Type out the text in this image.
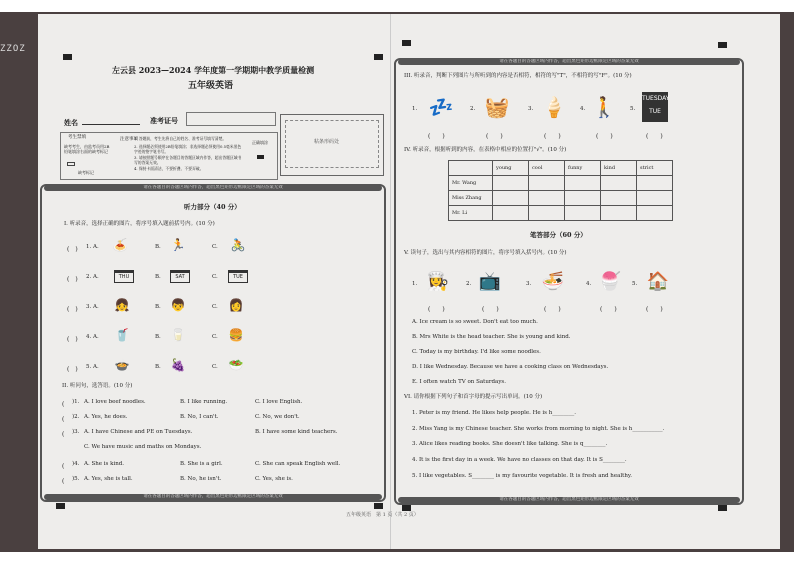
ZZOZ
左云县 2023—2024 学年度第一学期期中教学质量检测
五年级英语
姓名	准考证号
考生禁填
缺考考生，由监考员用2B铅笔填涂右面的缺考标记
缺考标记
注意事项
1. 答题前，考生先将自己的姓名、准考证号填写清楚。
2. 选择题必须使用2B铅笔填涂；非选择题必须使用0.5毫米黑色字迹的签字笔书写。
3. 请按照题号顺序在各题目的答题区域内作答，超出答题区域书写的答案无效。
4. 保持卡面清洁，不要折叠、不要弄破。
正确填涂	粘条形码处
请在各题目的答题区域内作答，超出黑色矩形边框限定区域的答案无效
请在各题目的答题区域内作答，超出黑色矩形边框限定区域的答案无效
听力部分（40 分）
I. 听录音，选择正确的图片，将序号填入题前括号内。(10 分)
(　) 1. A. 🍝	B. 🏃	C. 🚴
(　) 2. A.	THU	B.	SAT	C.	TUE
(　) 3. A. 👧	B. 👦	C. 👩
(　) 4. A. 🥤	B. 🥛	C. 🍔
(　) 5. A. 🍲	B. 🍇	C. 🥗
II. 听问句，选答语。(10 分)
(　 )1. A. I love beef noodles.	B. I like running.	C. I love English.
(　 )2. A. Yes, he does.	B. No, I can't.	C. No, we don't.
(　 )3. A. I have Chinese and PE on Tuesdays.	B. I have some kind teachers.
C. We have music and maths on Mondays.
(　 )4. A. She is kind.	B. She is a girl.	C. She can speak English well.
(　 )5. A. Yes, she is tall.	B. No, he isn't.	C. Yes, she is.
请在各题目的答题区域内作答，超出黑色矩形边框限定区域的答案无效
请在各题目的答题区域内作答，超出黑色矩形边框限定区域的答案无效
III. 听录音，判断下列图片与所听到的内容是否相符，相符的写"T"，不相符的写"F"。(10 分)
1. 💤	2. 🧺	3. 🍦 4. 🚶 5.
TUESDAY TUE
(　　)	(　　)	(　　)	(　　)	(　　)
IV. 听录音，根据听到的内容，在表格中相应的位置打"√"。(10 分)
	young	cool	funny	kind	strict
Mr. Wang					
Miss Zhang					
Mr. Li					
笔答部分（60 分）
V. 读句子，选出与其内容相符的图片，将序号填入括号内。(10 分)
1. 👩‍🍳	2. 📺	3. 🍜	4. 🍧	5. 🏠
(　　)	(　　)	(　　)	(　　)	(　　)
A. Ice cream is so sweet. Don't eat too much.
B. Mrs White is the head teacher. She is young and kind.
C. Today is my birthday. I'd like some noodles.
D. I like Wednesday. Because we have a cooking class on Wednesdays.
E. I often watch TV on Saturdays.
VI. 请你根据下列句子和首字母的提示写出单词。(10 分)
1. Peter is my friend. He likes help people. He is h________.
2. Miss Yang is my Chinese teacher. She works from morning to night. She is h___________.
3. Alice likes reading books. She doesn't like talking. She is q________.
4. It is the first day in a week. We have no classes on that day. It is S________.
5. I like vegetables. S________ is my favourite vegetable. It is fresh and healthy.
五年级英语　第 1 页（共 2 页）
